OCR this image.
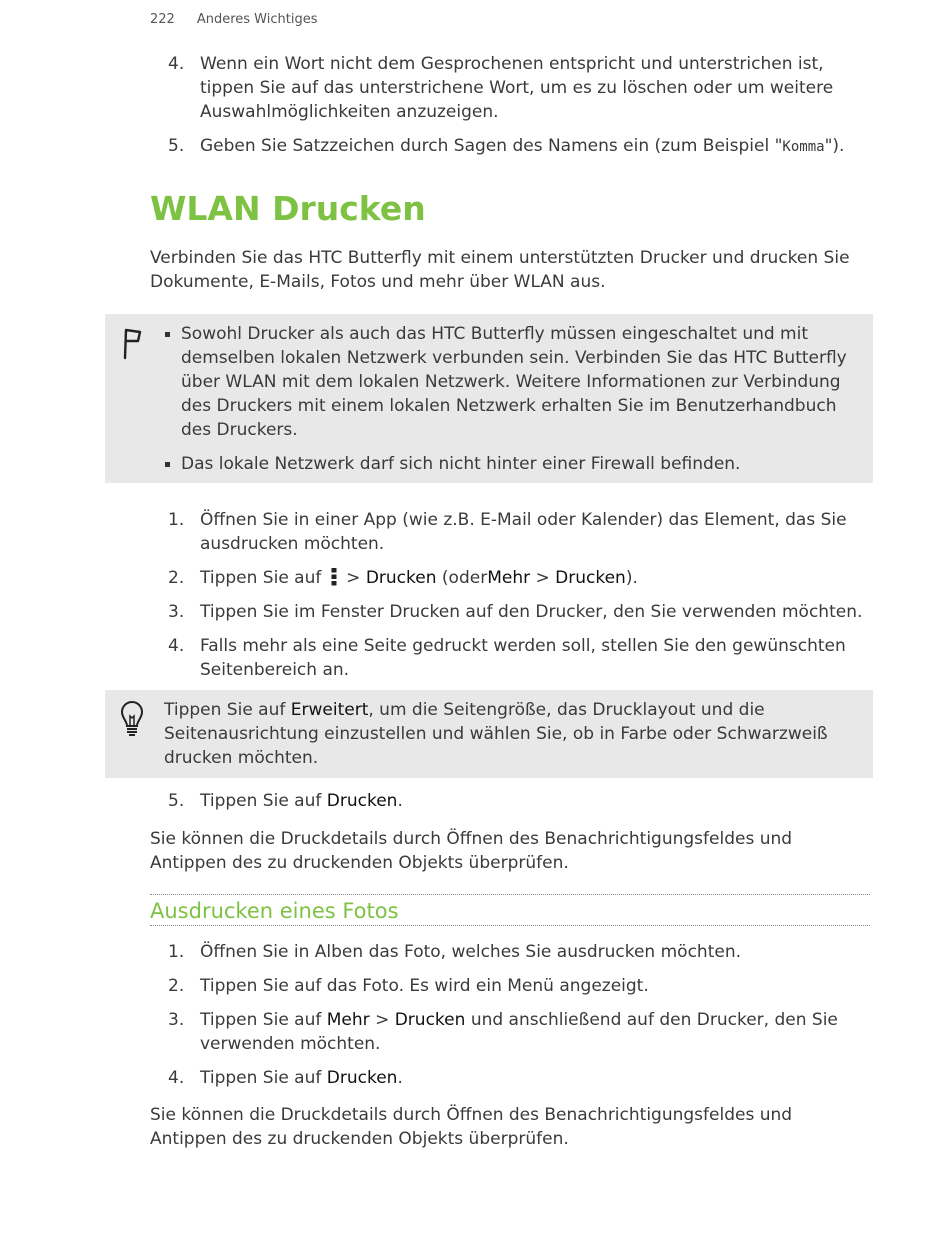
222 Anderes Wichtiges
4. Wenn ein Wort nicht dem Gesprochenen entspricht und unterstrichen ist, tippen Sie auf das unterstrichene Wort, um es zu löschen oder um weitere Auswahlmöglichkeiten anzuzeigen.
5. Geben Sie Satzzeichen durch Sagen des Namens ein (zum Beispiel "Komma").
WLAN Drucken

Verbinden Sie das HTC Butterfly mit einem unterstützten Drucker und drucken Sie Dokumente, E-Mails, Fotos und mehr über WLAN aus.

Sowohl Drucker als auch das HTC Butterfly müssen eingeschaltet und mit demselben lokalen Netzwerk verbunden sein. Verbinden Sie das HTC Butterfly über WLAN mit dem lokalen Netzwerk. Weitere Informationen zur Verbindung des Druckers mit einem lokalen Netzwerk erhalten Sie im Benutzerhandbuch des Druckers.
Das lokale Netzwerk darf sich nicht hinter einer Firewall befinden.
1. Öffnen Sie in einer App (wie z.B. E-Mail oder Kalender) das Element, das Sie ausdrucken möchten.
2. Tippen Sie auf > Drucken (oderMehr > Drucken).
3. Tippen Sie im Fenster Drucken auf den Drucker, den Sie verwenden möchten.
4. Falls mehr als eine Seite gedruckt werden soll, stellen Sie den gewünschten Seitenbereich an.
Tippen Sie auf Erweitert, um die Seitengröße, das Drucklayout und die Seitenausrichtung einzustellen und wählen Sie, ob in Farbe oder Schwarzweiß drucken möchten.
5. Tippen Sie auf Drucken.

Sie können die Druckdetails durch Öffnen des Benachrichtigungsfeldes und Antippen des zu druckenden Objekts überprüfen.

Ausdrucken eines Fotos
1. Öffnen Sie in Alben das Foto, welches Sie ausdrucken möchten.
2. Tippen Sie auf das Foto. Es wird ein Menü angezeigt.
3. Tippen Sie auf Mehr > Drucken und anschließend auf den Drucker, den Sie verwenden möchten.
4. Tippen Sie auf Drucken.

Sie können die Druckdetails durch Öffnen des Benachrichtigungsfeldes und Antippen des zu druckenden Objekts überprüfen.
